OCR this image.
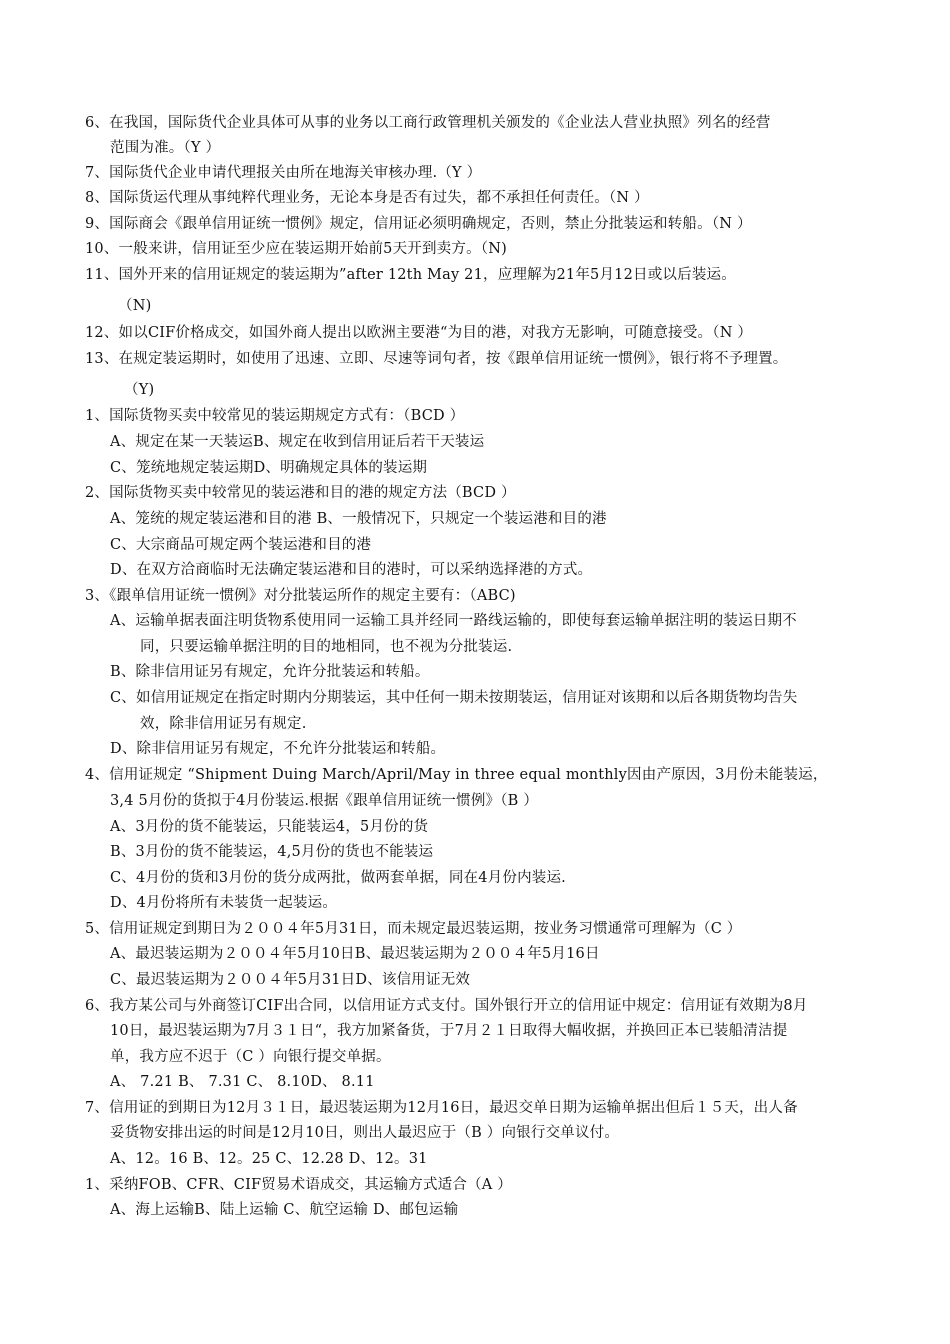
6、在我国，国际货代企业具体可从事的业务以工商行政管理机关颁发的《企业法人营业执照》列名的经营
范围为准。（Y ）
7、国际货代企业申请代理报关由所在地海关审核办理.（Y ）
8、国际货运代理从事纯粹代理业务，无论本身是否有过失，都不承担任何责任。（N ）
9、国际商会《跟单信用证统一惯例》规定，信用证必须明确规定，否则，禁止分批装运和转船。（N ）
10、一般来讲，信用证至少应在装运期开始前5天开到卖方。（N)
11、国外开来的信用证规定的装运期为”after 12th May 21，应理解为21年5月12日或以后装运。
（N)
12、如以CIF价格成交，如国外商人提出以欧洲主要港“为目的港，对我方无影响，可随意接受。（N ）
13、在规定装运期时，如使用了迅速、立即、尽速等词句者，按《跟单信用证统一惯例》，银行将不予理置。
（Y)
1、国际货物买卖中较常见的装运期规定方式有：（BCD ）
A、规定在某一天装运B、规定在收到信用证后若干天装运
C、笼统地规定装运期D、明确规定具体的装运期
2、国际货物买卖中较常见的装运港和目的港的规定方法（BCD ）
A、笼统的规定装运港和目的港 B、一般情况下，只规定一个装运港和目的港
C、大宗商品可规定两个装运港和目的港
D、在双方洽商临时无法确定装运港和目的港时，可以采纳选择港的方式。
3、《跟单信用证统一惯例》对分批装运所作的规定主要有：（ABC)
A、运输单据表面注明货物系使用同一运输工具并经同一路线运输的，即使每套运输单据注明的装运日期不
同，只要运输单据注明的目的地相同，也不视为分批装运.
B、除非信用证另有规定，允许分批装运和转船。
C、如信用证规定在指定时期内分期装运，其中任何一期未按期装运，信用证对该期和以后各期货物均告失
效，除非信用证另有规定.
D、除非信用证另有规定，不允许分批装运和转船。
4、信用证规定 “Shipment Duing March/April/May in three equal monthly因由产原因，3月份未能装运，
3,4 5月份的货拟于4月份装运.根据《跟单信用证统一惯例》（B ）
A、3月份的货不能装运，只能装运4，5月份的货
B、3月份的货不能装运，4,5月份的货也不能装运
C、4月份的货和3月份的货分成两批，做两套单据，同在4月份内装运.
D、4月份将所有未装货一起装运。
5、信用证规定到期日为２００４年5月31日，而未规定最迟装运期，按业务习惯通常可理解为（C ）
A、最迟装运期为２００４年5月10日B、最迟装运期为２００４年5月16日
C、最迟装运期为２００４年5月31日D、该信用证无效
6、我方某公司与外商签订CIF出合同，以信用证方式支付。国外银行开立的信用证中规定：信用证有效期为8月
10日，最迟装运期为7月３１日“，我方加紧备货，于7月２１日取得大幅收据，并换回正本已装船清洁提
单，我方应不迟于（C ）向银行提交单据。
A、 7.21 B、 7.31 C、 8.10D、 8.11
7、信用证的到期日为12月３１日，最迟装运期为12月16日，最迟交单日期为运输单据出但后１５天，出人备
妥货物安排出运的时间是12月10日，则出人最迟应于（B ）向银行交单议付。
A、12。16 B、12。25 C、12.28 D、12。31
1、采纳FOB、CFR、CIF贸易术语成交，其运输方式适合（A ）
A、海上运输B、陆上运输 C、航空运输 D、邮包运输
